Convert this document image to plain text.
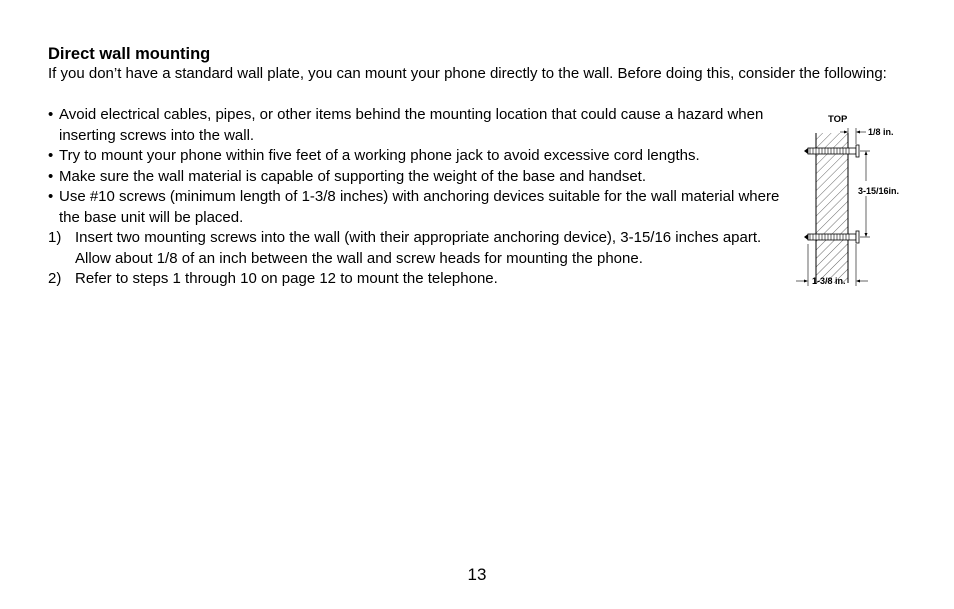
Direct wall mounting
If you don’t have a standard wall plate, you can mount your phone directly to the wall. Before doing this, consider the following:
• Avoid electrical cables, pipes, or other items behind the mounting location that could cause a hazard when inserting screws into the wall.
• Try to mount your phone within five feet of a working phone jack to avoid excessive cord lengths.
• Make sure the wall material is capable of supporting the weight of the base and handset.
• Use #10 screws (minimum length of 1-3/8 inches) with anchoring devices suitable for the wall material where the base unit will be placed.
1) Insert two mounting screws into the wall (with their appropriate anchoring device), 3-15/16 inches apart. Allow about 1/8 of an inch between the wall and screw heads for mounting the phone.
2) Refer to steps 1 through 10 on page 12 to mount the telephone.
TOP
1/8 in.
3-15/16in.
1-3/8 in.
13
